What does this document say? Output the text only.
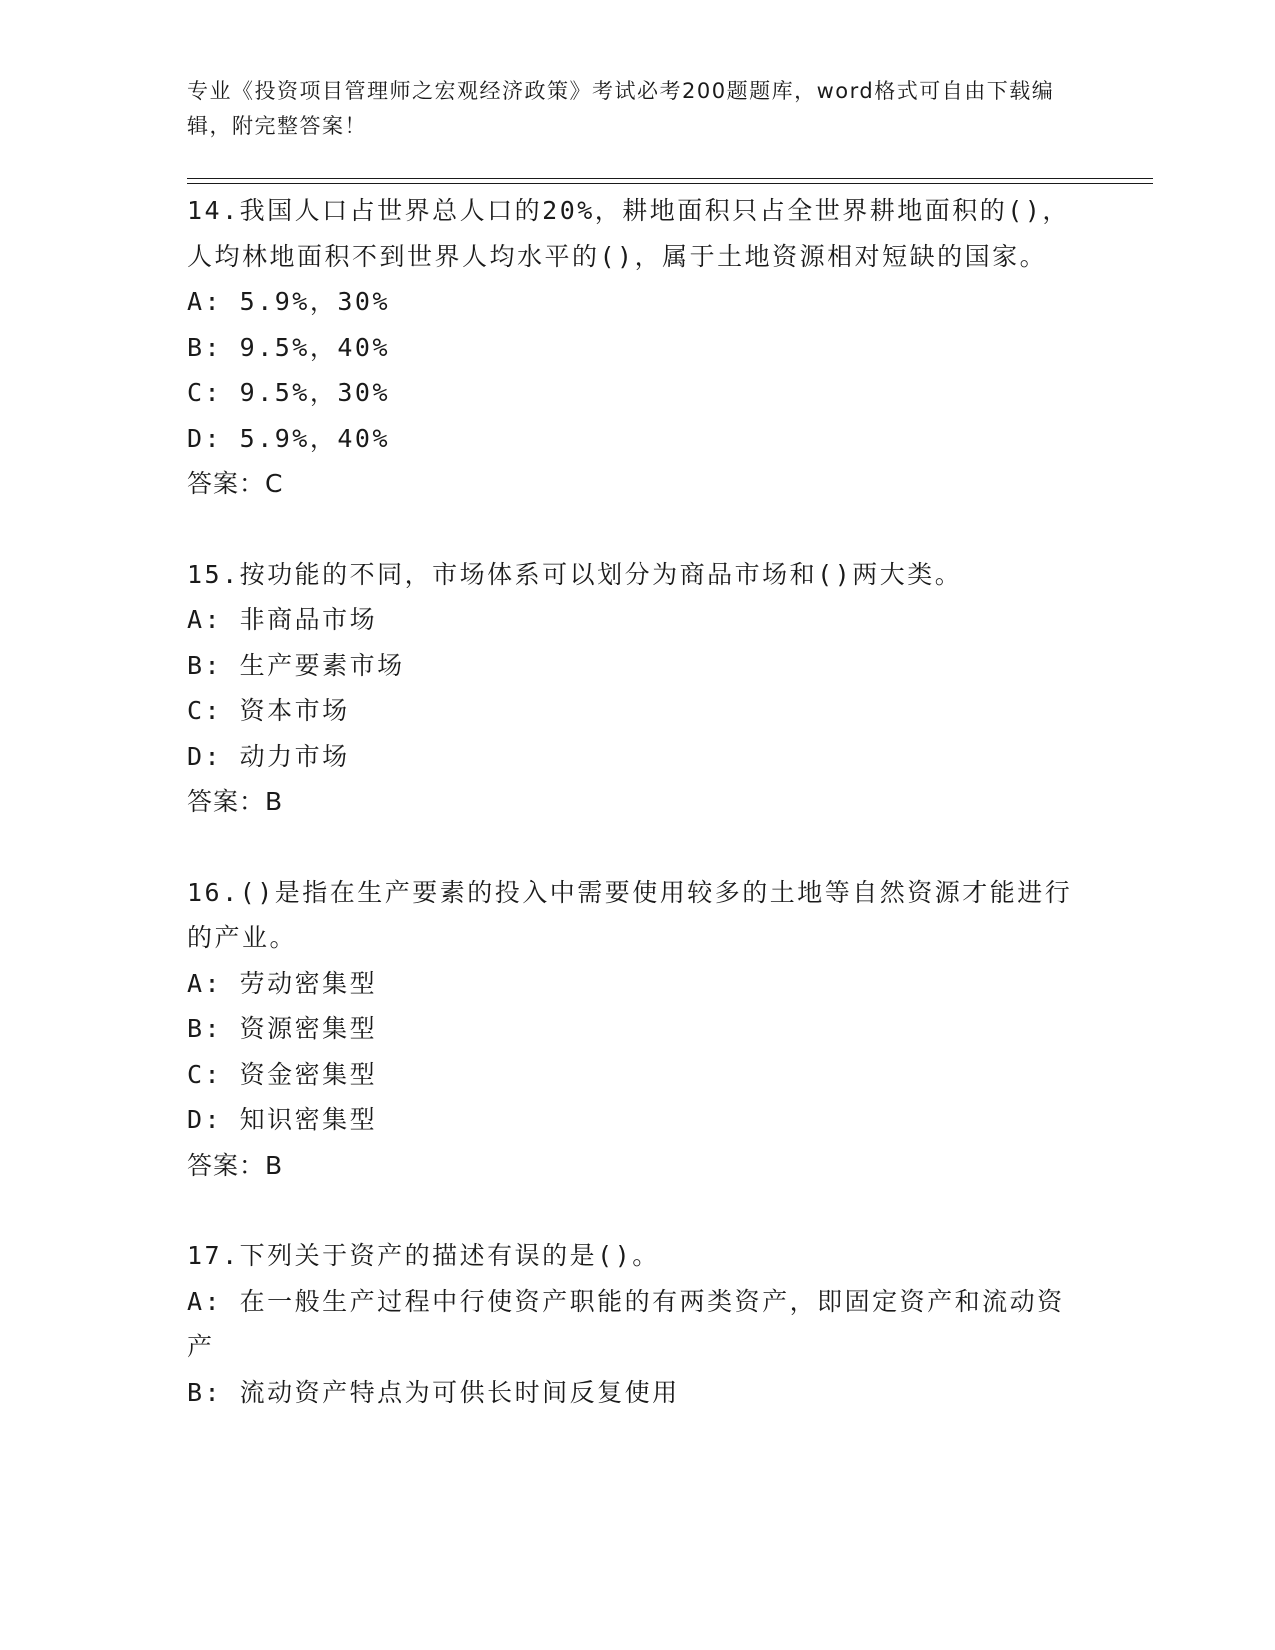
专业《投资项目管理师之宏观经济政策》考试必考200题题库，word格式可自由下载编辑，附完整答案！

14.我国人口占世界总人口的20%，耕地面积只占全世界耕地面积的()，人均林地面积不到世界人均水平的()，属于土地资源相对短缺的国家。

A: 5.9%，30%

B: 9.5%，40%

C: 9.5%，30%

D: 5.9%，40%

答案：C

15.按功能的不同，市场体系可以划分为商品市场和()两大类。

A: 非商品市场

B: 生产要素市场

C: 资本市场

D: 动力市场

答案：B

16.()是指在生产要素的投入中需要使用较多的土地等自然资源才能进行的产业。

A: 劳动密集型

B: 资源密集型

C: 资金密集型

D: 知识密集型

答案：B

17.下列关于资产的描述有误的是()。

A: 在一般生产过程中行使资产职能的有两类资产，即固定资产和流动资产

B: 流动资产特点为可供长时间反复使用
